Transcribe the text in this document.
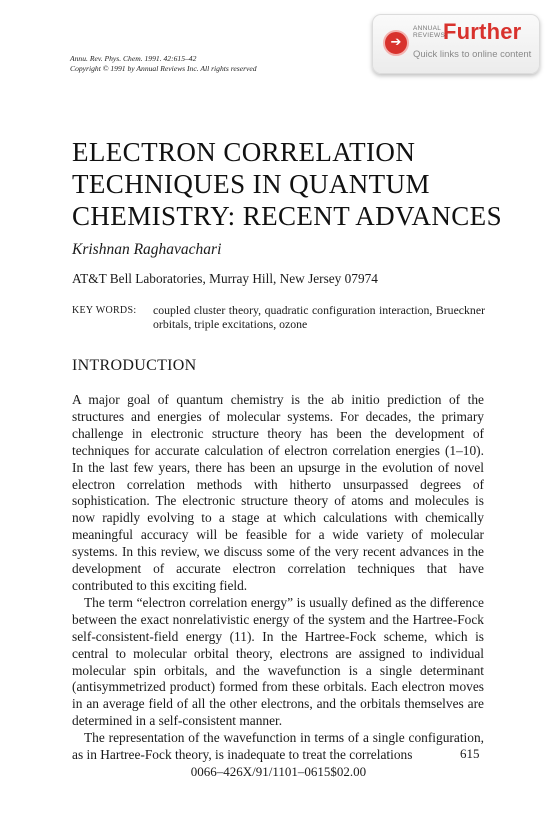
Annu. Rev. Phys. Chem. 1991. 42:615–42
Copyright © 1991 by Annual Reviews Inc. All rights reserved
➔
ANNUAL
REVIEWS
Further
Quick links to online content
ELECTRON CORRELATION
TECHNIQUES IN QUANTUM
CHEMISTRY: RECENT ADVANCES
Krishnan Raghavachari
AT&T Bell Laboratories, Murray Hill, New Jersey 07974
KEY WORDS: coupled cluster theory, quadratic configuration interaction, Brueckner orbitals, triple excitations, ozone
INTRODUCTION

A major goal of quantum chemistry is the ab initio prediction of the structures and energies of molecular systems. For decades, the primary challenge in electronic structure theory has been the development of techniques for accurate calculation of electron correlation energies (1–10). In the last few years, there has been an upsurge in the evolution of novel electron correlation methods with hitherto unsurpassed degrees of sophistication. The electronic structure theory of atoms and molecules is now rapidly evolving to a stage at which calculations with chemically meaningful accuracy will be feasible for a wide variety of molecular systems. In this review, we discuss some of the very recent advances in the development of accurate electron correlation techniques that have contributed to this exciting field.

The term “electron correlation energy” is usually defined as the difference between the exact nonrelativistic energy of the system and the Hartree-Fock self-consistent-field energy (11). In the Hartree-Fock scheme, which is central to molecular orbital theory, electrons are assigned to individual molecular spin orbitals, and the wavefunction is a single determinant (antisymmetrized product) formed from these orbitals. Each electron moves in an average field of all the other electrons, and the orbitals themselves are determined in a self-consistent manner.

The representation of the wavefunction in terms of a single configuration, as in Hartree-Fock theory, is inadequate to treat the correlations	615
0066–426X/91/1101–0615$02.00
